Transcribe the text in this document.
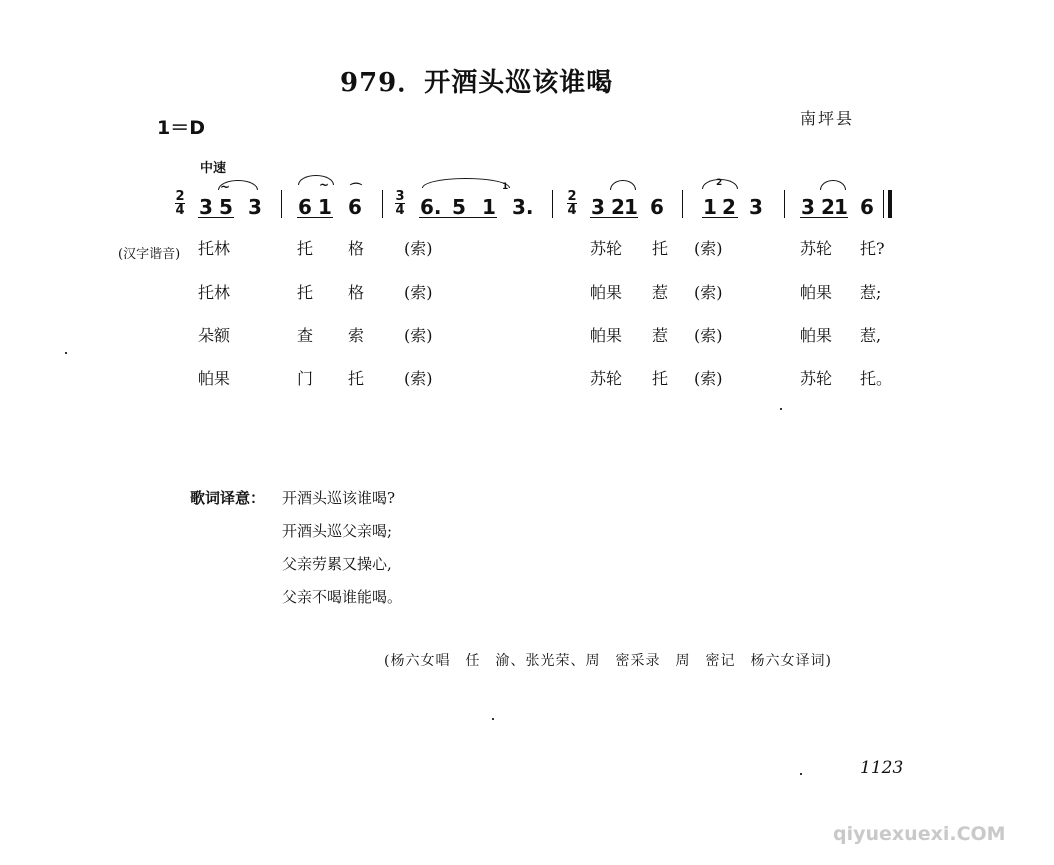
979．开酒头巡该谁喝
1＝D	南坪县
中速
2
4
3
4
2
4
3 5 3
~
6 1 6
~ ⌒
6. 5 1 3.
1
3 2 1 6 1 2 3
2
3 2 1 6
(汉字谐音) 托林	托 格 (索)	苏轮 托 (索)	苏轮 托?
托林	托 格 (索)	帕果 惹 (索)	帕果 惹;
朵额	查 索 (索)	帕果 惹 (索)	帕果 惹,
帕果	门 托 (索)	苏轮 托 (索)	苏轮 托。
歌词译意： 开酒头巡该谁喝?
开酒头巡父亲喝;
父亲劳累又操心,
父亲不喝谁能喝。
(杨六女唱　任　渝、张光荣、周　密采录　周　密记　杨六女译词)
1123
qiyuexuexi.COM
